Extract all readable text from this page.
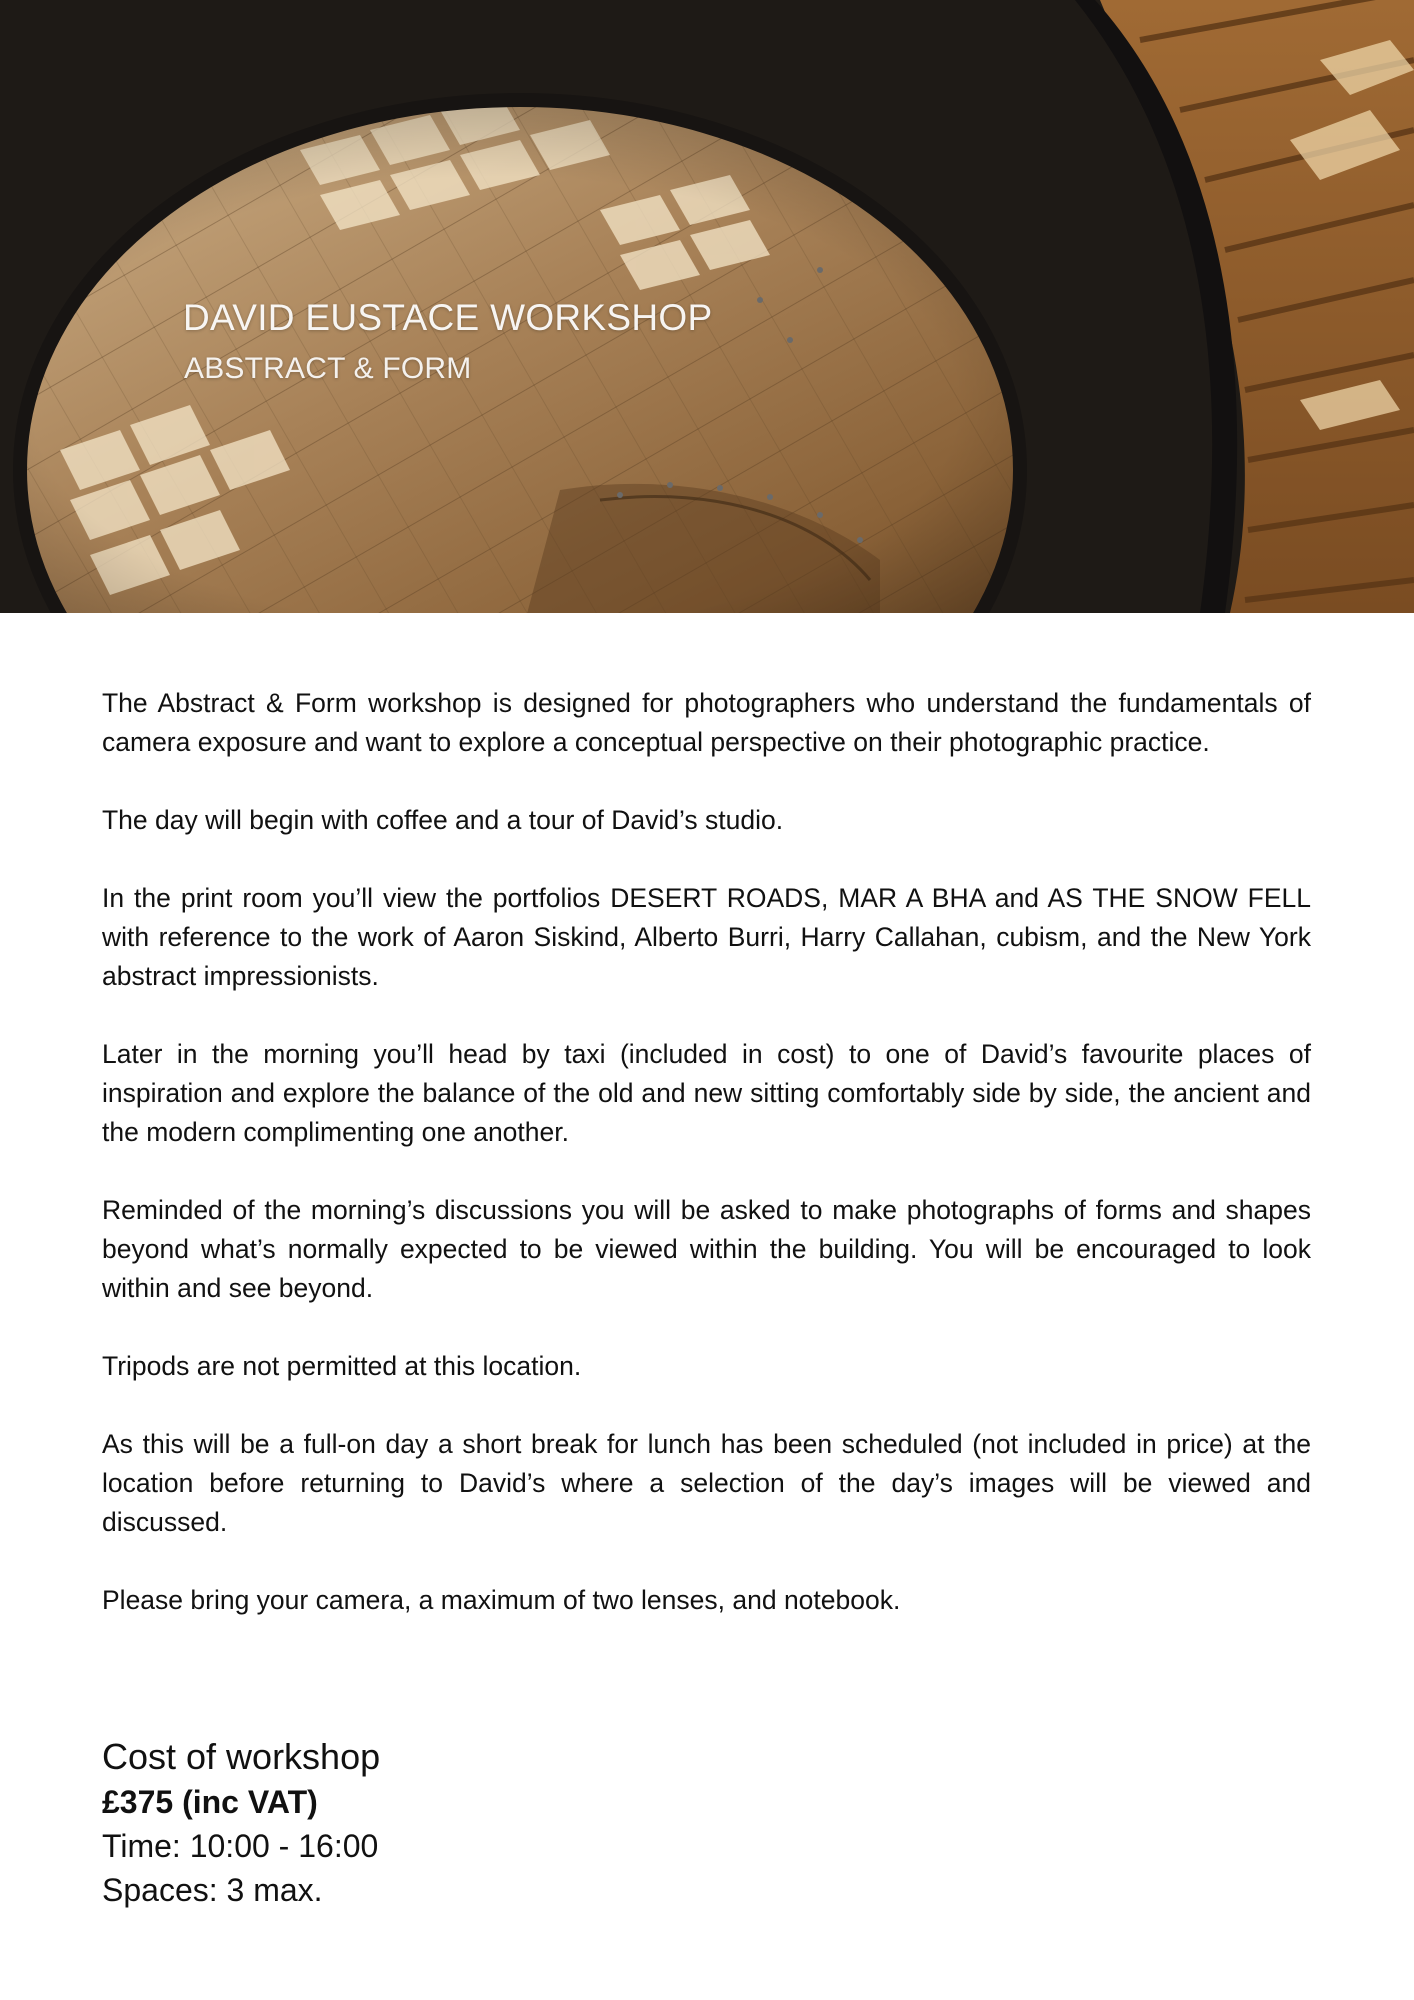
DAVID EUSTACE WORKSHOP
ABSTRACT & FORM

The Abstract & Form workshop is designed for photographers who understand the fundamentals of camera exposure and want to explore a conceptual perspective on their photographic practice.

The day will begin with coffee and a tour of David’s studio.

In the print room you’ll view the portfolios DESERT ROADS, MAR A BHA and AS THE SNOW FELL with reference to the work of Aaron Siskind, Alberto Burri, Harry Callahan, cubism, and the New York abstract impressionists.

Later in the morning you’ll head by taxi (included in cost) to one of David’s favourite places of inspiration and explore the balance of the old and new sitting comfortably side by side, the ancient and the modern complimenting one another.

Reminded of the morning’s discussions you will be asked to make photographs of forms and shapes beyond what’s normally expected to be viewed within the building. You will be encouraged to look within and see beyond.

Tripods are not permitted at this location.

As this will be a full-on day a short break for lunch has been scheduled (not included in price) at the location before returning to David’s where a selection of the day’s images will be viewed and discussed.

Please bring your camera, a maximum of two lenses, and notebook.

Cost of workshop
£375 (inc VAT)
Time: 10:00 - 16:00
Spaces: 3 max.
